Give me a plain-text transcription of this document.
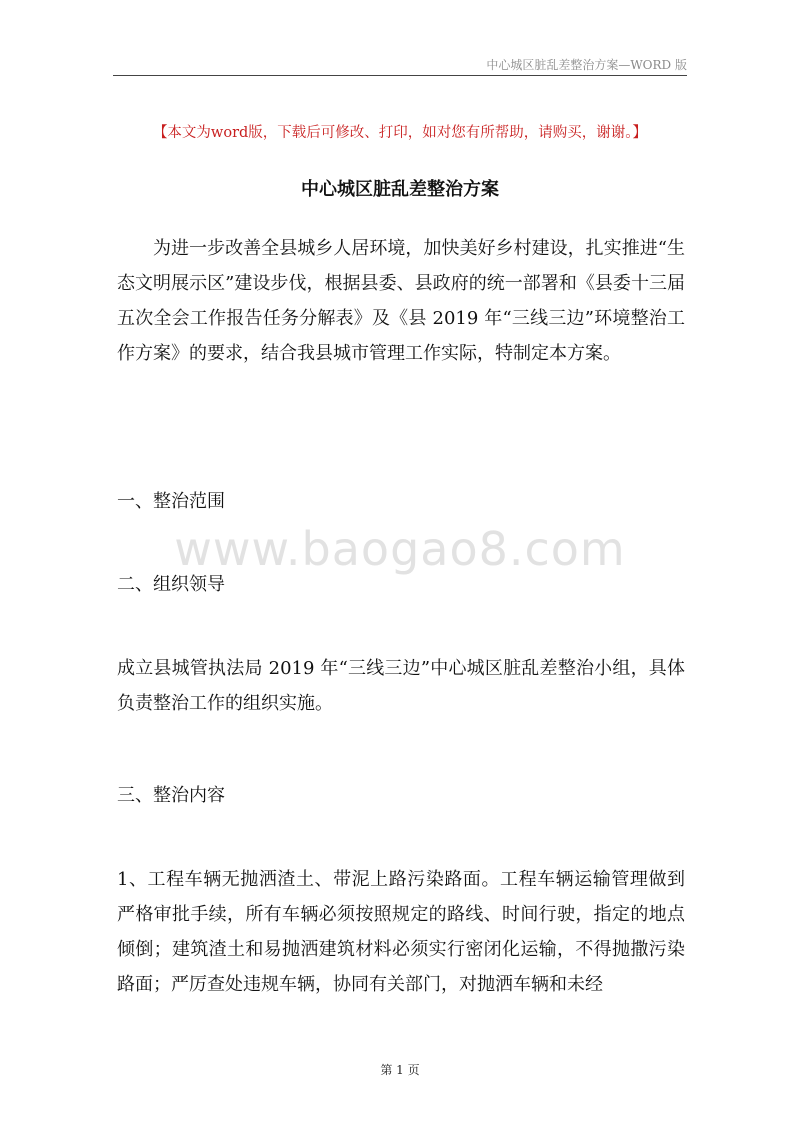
中心城区脏乱差整治方案—WORD 版
【本文为word版，下载后可修改、打印，如对您有所帮助，请购买，谢谢。】
中心城区脏乱差整治方案

为进一步改善全县城乡人居环境，加快美好乡村建设，扎实推进“生态文明展示区”建设步伐，根据县委、县政府的统一部署和《县委十三届五次全会工作报告任务分解表》及《县 2019 年“三线三边”环境整治工作方案》的要求，结合我县城市管理工作实际，特制定本方案。

一、整治范围

www.baogao8.com

二、组织领导

成立县城管执法局 2019 年“三线三边”中心城区脏乱差整治小组，具体负责整治工作的组织实施。

三、整治内容

1、工程车辆无抛洒渣土、带泥上路污染路面。工程车辆运输管理做到严格审批手续，所有车辆必须按照规定的路线、时间行驶，指定的地点倾倒；建筑渣土和易抛洒建筑材料必须实行密闭化运输，不得抛撒污染路面；严厉查处违规车辆，协同有关部门，对抛洒车辆和未经

第 1 页
